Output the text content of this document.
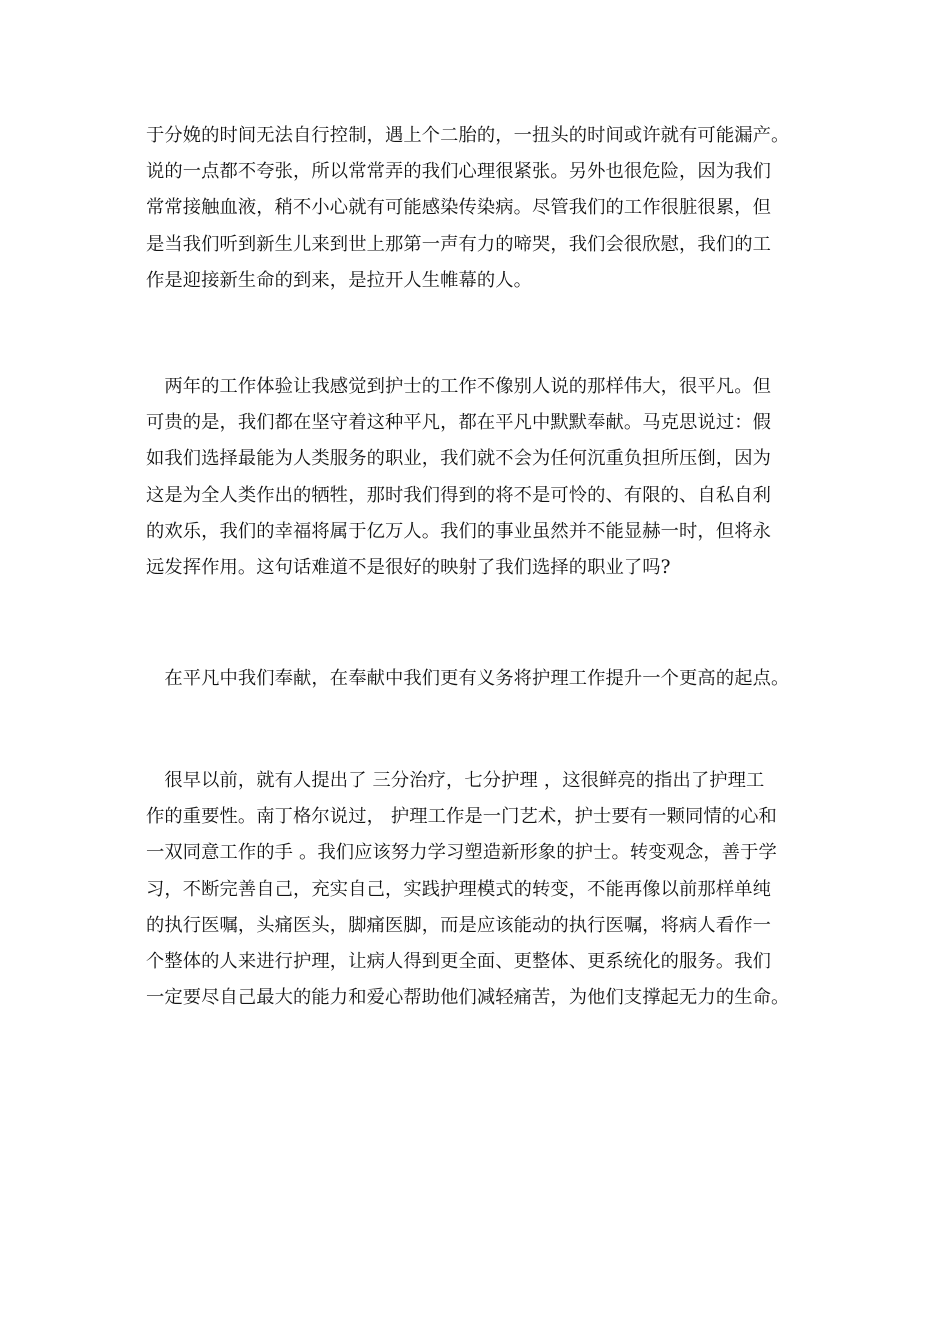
于分娩的时间无法自行控制，遇上个二胎的，一扭头的时间或许就有可能漏产。
说的一点都不夸张，所以常常弄的我们心理很紧张。另外也很危险，因为我们
常常接触血液，稍不小心就有可能感染传染病。尽管我们的工作很脏很累，但
是当我们听到新生儿来到世上那第一声有力的啼哭，我们会很欣慰，我们的工
作是迎接新生命的到来，是拉开人生帷幕的人。
　两年的工作体验让我感觉到护士的工作不像别人说的那样伟大，很平凡。但
可贵的是，我们都在坚守着这种平凡，都在平凡中默默奉献。马克思说过：假
如我们选择最能为人类服务的职业，我们就不会为任何沉重负担所压倒，因为
这是为全人类作出的牺牲，那时我们得到的将不是可怜的、有限的、自私自利
的欢乐，我们的幸福将属于亿万人。我们的事业虽然并不能显赫一时，但将永
远发挥作用。这句话难道不是很好的映射了我们选择的职业了吗?
　在平凡中我们奉献，在奉献中我们更有义务将护理工作提升一个更高的起点。
　很早以前，就有人提出了 三分治疗，七分护理 ，这很鲜亮的指出了护理工
作的重要性。南丁格尔说过， 护理工作是一门艺术，护士要有一颗同情的心和
一双同意工作的手 。我们应该努力学习塑造新形象的护士。转变观念，善于学
习，不断完善自己，充实自己，实践护理模式的转变，不能再像以前那样单纯
的执行医嘱，头痛医头，脚痛医脚，而是应该能动的执行医嘱，将病人看作一
个整体的人来进行护理，让病人得到更全面、更整体、更系统化的服务。我们
一定要尽自己最大的能力和爱心帮助他们减轻痛苦，为他们支撑起无力的生命。
